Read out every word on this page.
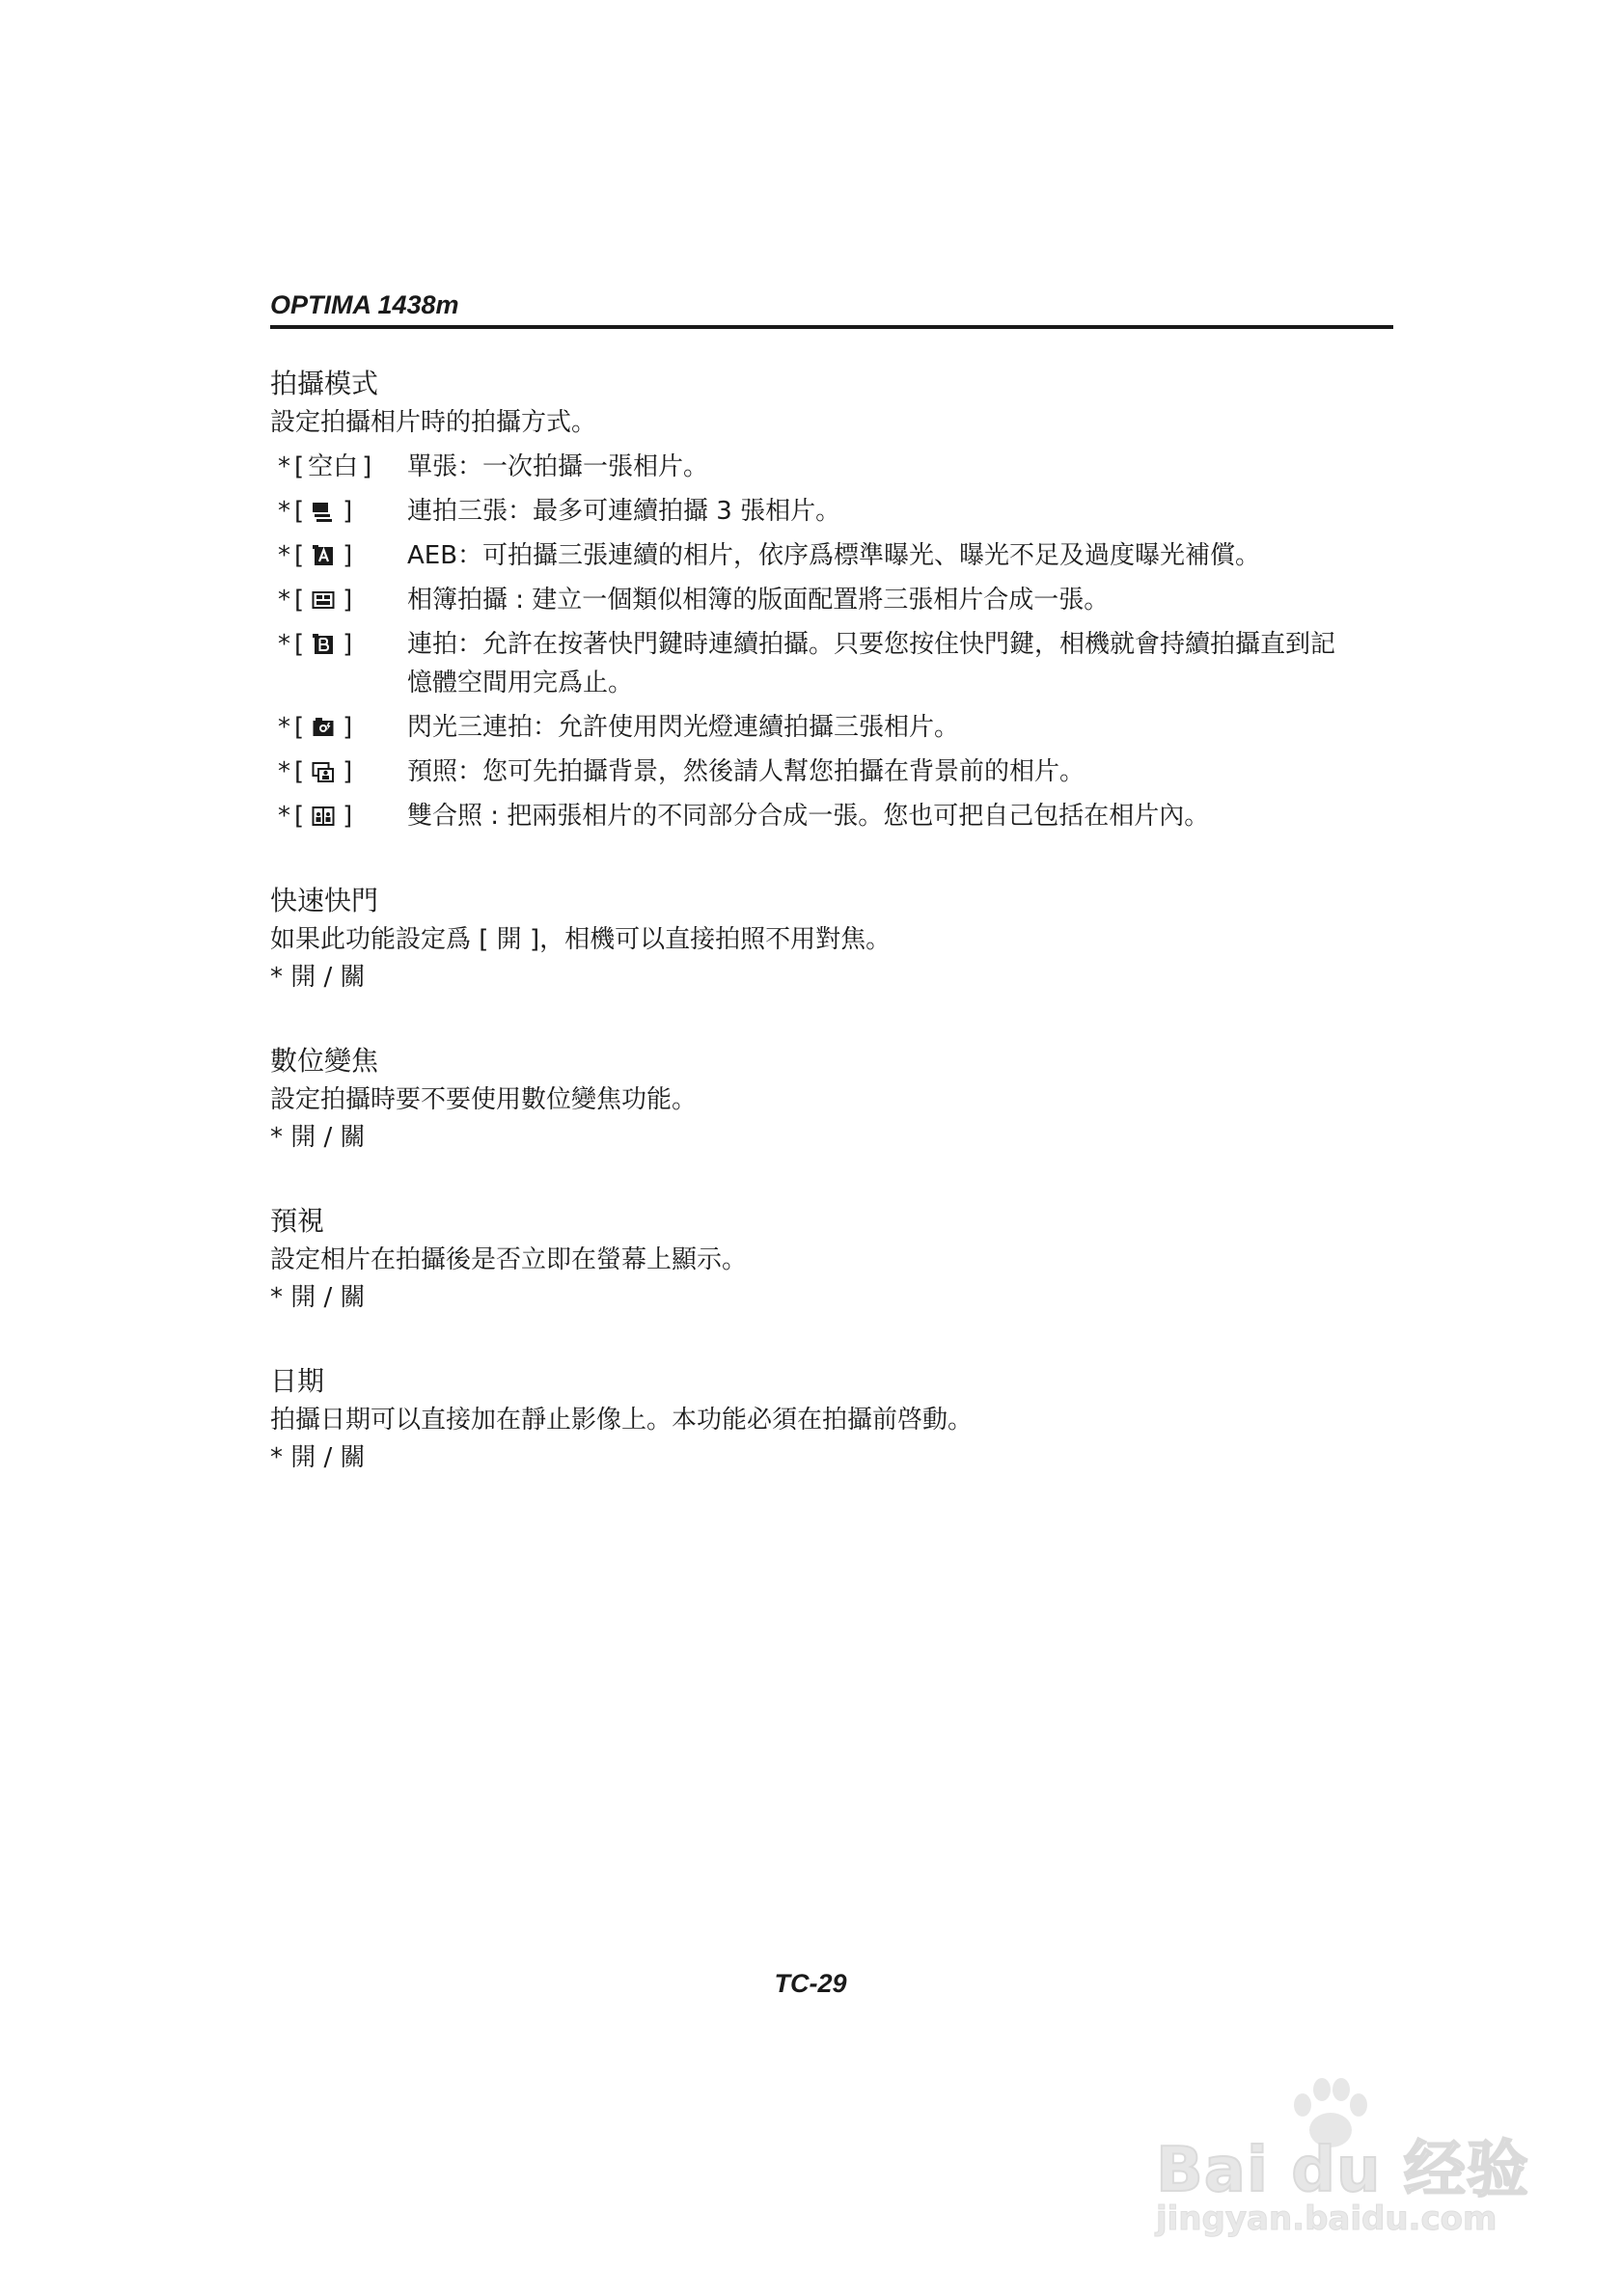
OPTIMA 1438m

拍攝模式

設定拍攝相片時的拍攝方式。

* [ 空白 ] 單張：一次拍攝一張相片。
* [ ] 連拍三張：最多可連續拍攝 3 張相片。
* [ ] AEB：可拍攝三張連續的相片，依序爲標準曝光、曝光不足及過度曝光補償。
* [ ] 相簿拍攝 : 建立一個類似相簿的版面配置將三張相片合成一張。
* [ ] 連拍：允許在按著快門鍵時連續拍攝。只要您按住快門鍵，相機就會持續拍攝直到記憶體空間用完爲止。
* [ ] 閃光三連拍：允許使用閃光燈連續拍攝三張相片。
* [ ] 預照：您可先拍攝背景，然後請人幫您拍攝在背景前的相片。
* [ ] 雙合照 : 把兩張相片的不同部分合成一張。您也可把自己包括在相片內。

快速快門

如果此功能設定爲 [ 開 ]，相機可以直接拍照不用對焦。

* 開 / 關

數位變焦

設定拍攝時要不要使用數位變焦功能。

* 開 / 關

預視

設定相片在拍攝後是否立即在螢幕上顯示。

* 開 / 關

日期

拍攝日期可以直接加在靜止影像上。本功能必須在拍攝前啓動。

* 開 / 關

TC-29
Bai du 经验
jingyan.baidu.com
